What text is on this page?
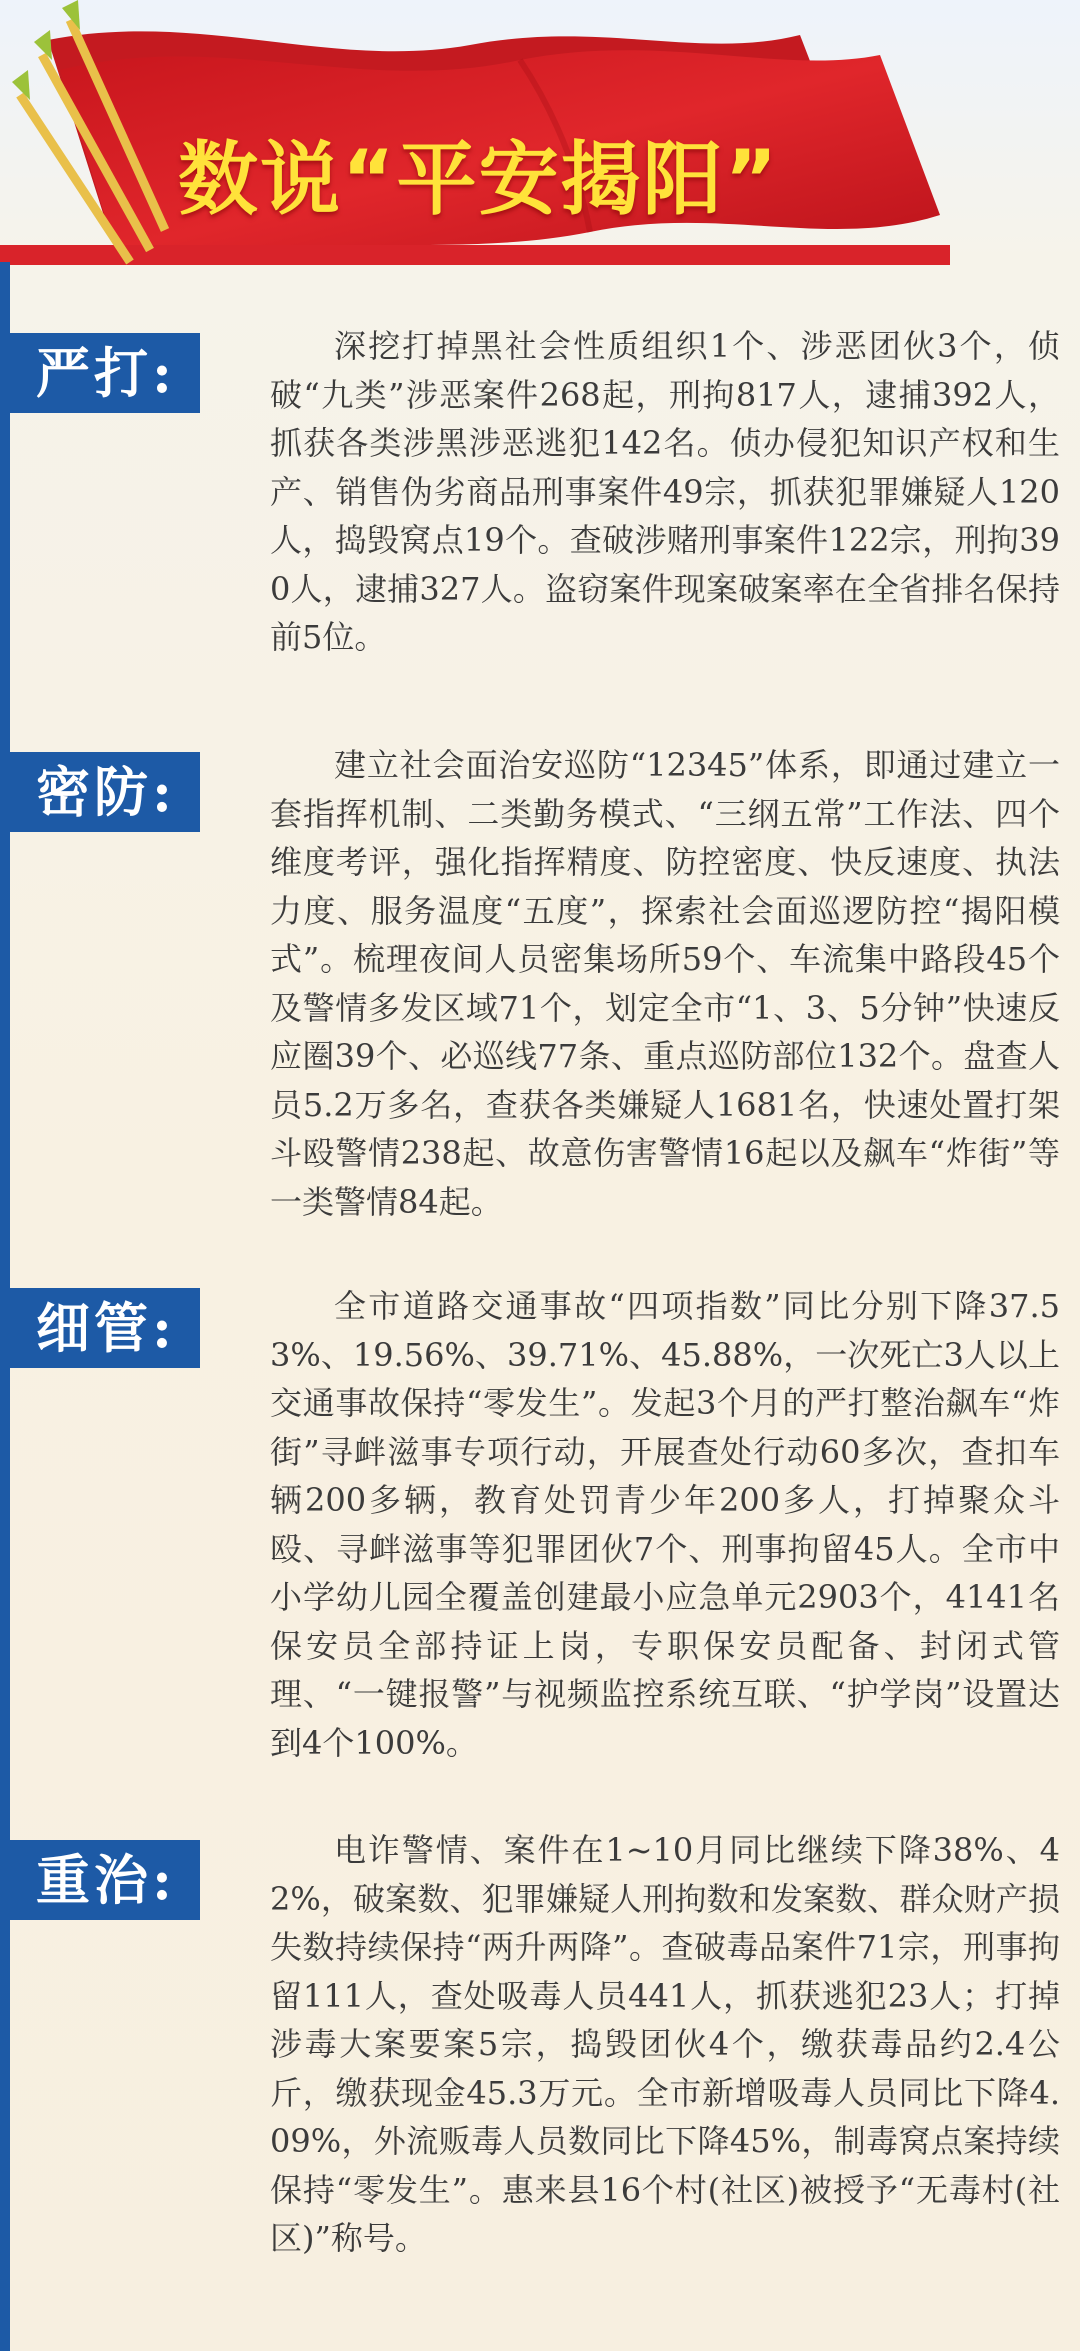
数说“平安揭阳”
严打:	深挖打掉黑社会性质组织1个、涉恶团伙3个，侦破“九类”涉恶案件268起，刑拘817人，逮捕392人，抓获各类涉黑涉恶逃犯142名。侦办侵犯知识产权和生产、销售伪劣商品刑事案件49宗，抓获犯罪嫌疑人120人，捣毁窝点19个。查破涉赌刑事案件122宗，刑拘390人，逮捕327人。盗窃案件现案破案率在全省排名保持前5位。

密防:	建立社会面治安巡防“12345”体系，即通过建立一套指挥机制、二类勤务模式、“三纲五常”工作法、四个维度考评，强化指挥精度、防控密度、快反速度、执法力度、服务温度“五度”，探索社会面巡逻防控“揭阳模式”。梳理夜间人员密集场所59个、车流集中路段45个及警情多发区域71个，划定全市“1、3、5分钟”快速反应圈39个、必巡线77条、重点巡防部位132个。盘查人员5.2万多名，查获各类嫌疑人1681名，快速处置打架斗殴警情238起、故意伤害警情16起以及飙车“炸街”等一类警情84起。

细管:	全市道路交通事故“四项指数”同比分别下降37.53%、19.56%、39.71%、45.88%，一次死亡3人以上交通事故保持“零发生”。发起3个月的严打整治飙车“炸街”寻衅滋事专项行动，开展查处行动60多次，查扣车辆200多辆，教育处罚青少年200多人，打掉聚众斗殴、寻衅滋事等犯罪团伙7个、刑事拘留45人。全市中小学幼儿园全覆盖创建最小应急单元2903个，4141名保安员全部持证上岗，专职保安员配备、封闭式管理、“一键报警”与视频监控系统互联、“护学岗”设置达到4个100%。

重治:	电诈警情、案件在1~10月同比继续下降38%、42%，破案数、犯罪嫌疑人刑拘数和发案数、群众财产损失数持续保持“两升两降”。查破毒品案件71宗，刑事拘留111人，查处吸毒人员441人，抓获逃犯23人；打掉涉毒大案要案5宗，捣毁团伙4个，缴获毒品约2.4公斤，缴获现金45.3万元。全市新增吸毒人员同比下降4.09%，外流贩毒人员数同比下降45%，制毒窝点案持续保持“零发生”。惠来县16个村(社区)被授予“无毒村(社区)”称号。
